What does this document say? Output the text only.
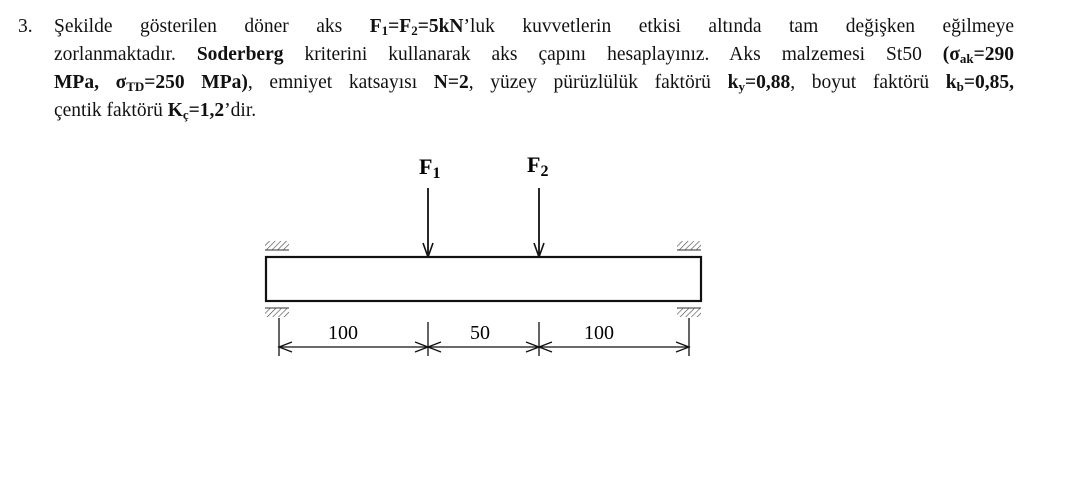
3. Şekilde gösterilen döner aks $F_1=F_2=5kN’luk$ kuvvetlerin etkisi altında tam değişken eğilmeye
zorlanmaktadır. Soderberg kriterini kullanarak aks çapını hesaplayınız. Aks malzemesi St50 ($\sigma_{ak}=290$
MPa, $\sigma_{TD}=250$ MPa), emniyet katsayısı N=2, yüzey pürüzlülük faktörü $k_y=0,88$, boyut faktörü $k_b=0,85$,
çentik faktörü $K_ç=1,2’dir$.
F1	F2
100	50	100
